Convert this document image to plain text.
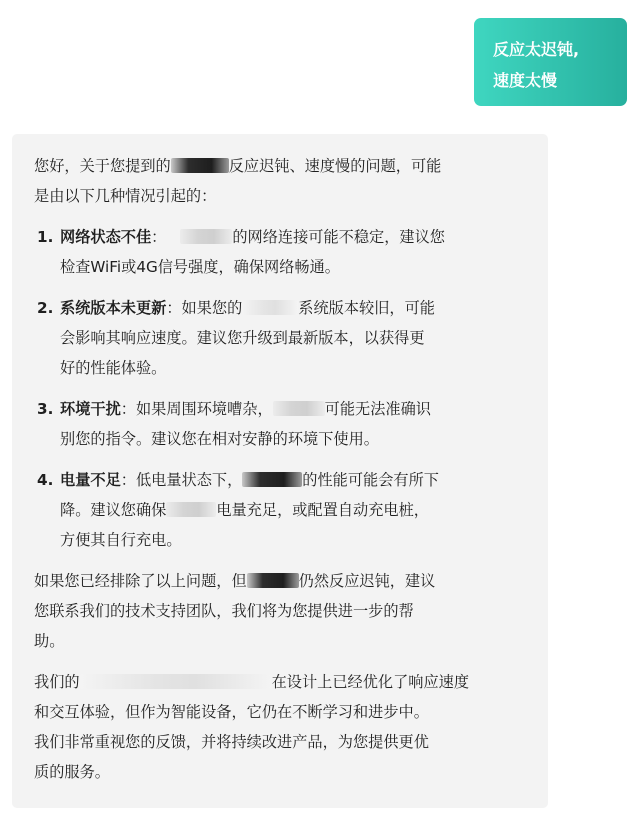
反应太迟钝,
速度太慢
您好，关于您提到的	反应迟钝、速度慢的问题，可能
是由以下几种情况引起的：
1. 网络状态不佳：	的网络连接可能不稳定，建议您
检查WiFi或4G信号强度，确保网络畅通。
2. 系统版本未更新：如果您的	系统版本较旧，可能
会影响其响应速度。建议您升级到最新版本，以获得更
好的性能体验。
3. 环境干扰：如果周围环境嘈杂，	可能无法准确识
别您的指令。建议您在相对安静的环境下使用。
4. 电量不足：低电量状态下，	的性能可能会有所下
降。建议您确保	电量充足，或配置自动充电桩，
方便其自行充电。
如果您已经排除了以上问题，但	仍然反应迟钝，建议
您联系我们的技术支持团队，我们将为您提供进一步的帮
助。
我们的	在设计上已经优化了响应速度
和交互体验，但作为智能设备，它仍在不断学习和进步中。
我们非常重视您的反馈，并将持续改进产品，为您提供更优
质的服务。
